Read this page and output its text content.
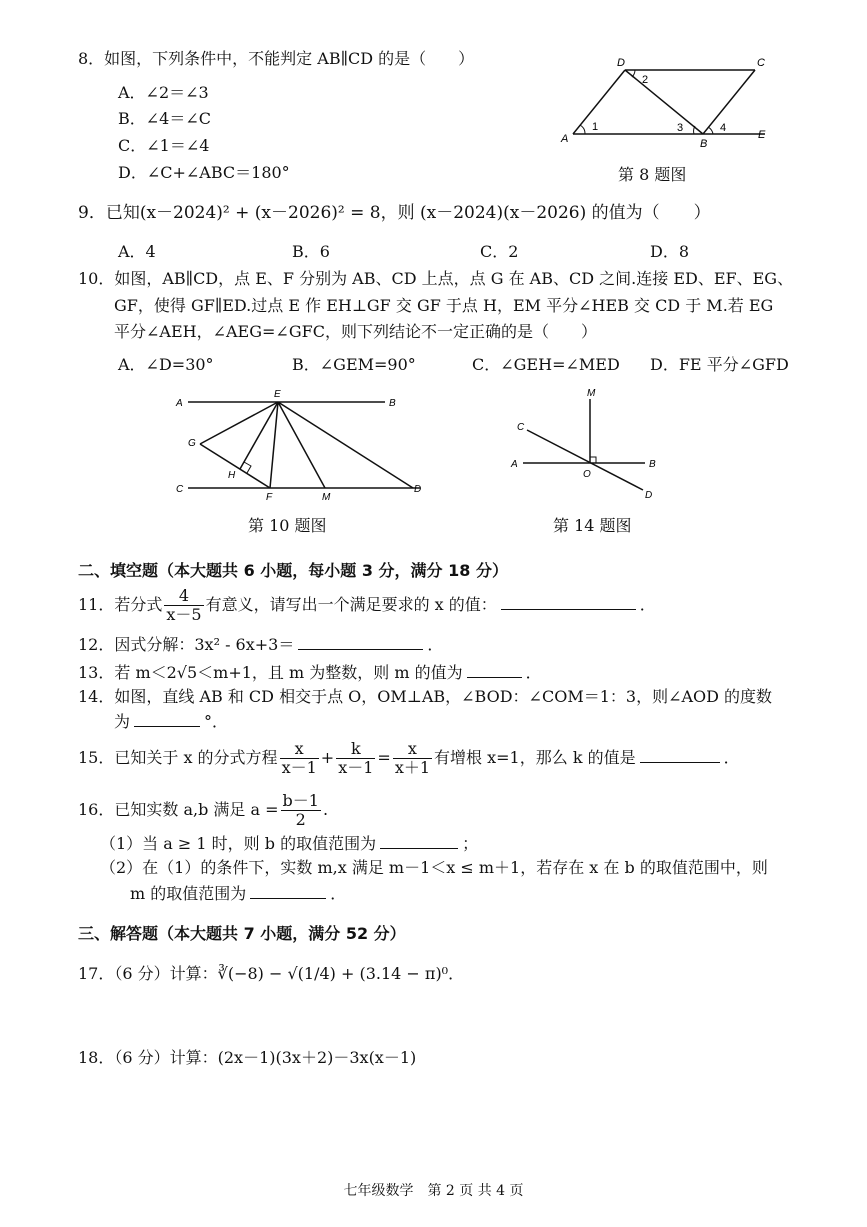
8．如图，下列条件中，不能判定 AB∥CD 的是（　　）
A．∠2＝∠3
B．∠4＝∠C
C．∠1＝∠4
D．∠C+∠ABC＝180°
D	C
A	B
E
1
2
3	4
第 8 题图
9．已知(x－2024)² + (x－2026)² = 8，则 (x－2024)(x－2026) 的值为（　　）
A．4	B．6	C．2	D．8
10．如图，AB∥CD，点 E、F 分别为 AB、CD 上点，点 G 在 AB、CD 之间.连接 ED、EF、EG、
GF，使得 GF∥ED.过点 E 作 EH⊥GF 交 GF 于点 H，EM 平分∠HEB 交 CD 于 M.若 EG
平分∠AEH，∠AEG=∠GFC，则下列结论不一定正确的是（　　）
A．∠D=30°	B．∠GEM=90°	C．∠GEH=∠MED D．FE 平分∠GFD
A	B
E
G
H
C
F	M
D
第 10 题图
M
C
A
O
B
D
第 14 题图
二、填空题（本大题共 6 小题，每小题 3 分，满分 18 分）
11．若分式 $\frac{4}{x-5}$ 有意义，请写出一个满足要求的 x 的值：	．
12．因式分解：3x² - 6x+3＝	．
13．若 m＜2√5＜m+1，且 m 为整数，则 m 的值为	．
14．如图，直线 AB 和 CD 相交于点 O，OM⊥AB，∠BOD：∠COM＝1：3，则∠AOD 的度数
为	°．
15．已知关于 x 的分式方程 $\frac{x}{x-1} + \frac{k}{x-1} = \frac{x}{x+1}$ 有增根 x=1，那么 k 的值是	．
16．已知实数 a,b 满足 $a = \frac{b-1}{2}$ .
（1）当 a ≥ 1 时，则 b 的取值范围为	；
（2）在（1）的条件下，实数 m,x 满足 m－1＜x ≤ m＋1，若存在 x 在 b 的取值范围中，则
m 的取值范围为	．
三、解答题（本大题共 7 小题，满分 52 分）
17．（6 分）计算：∛(−8) − √(1/4) + (3.14 − π)⁰．
18．（6 分）计算：(2x－1)(3x＋2)－3x(x－1)
七年级数学　第 2 页 共 4 页
